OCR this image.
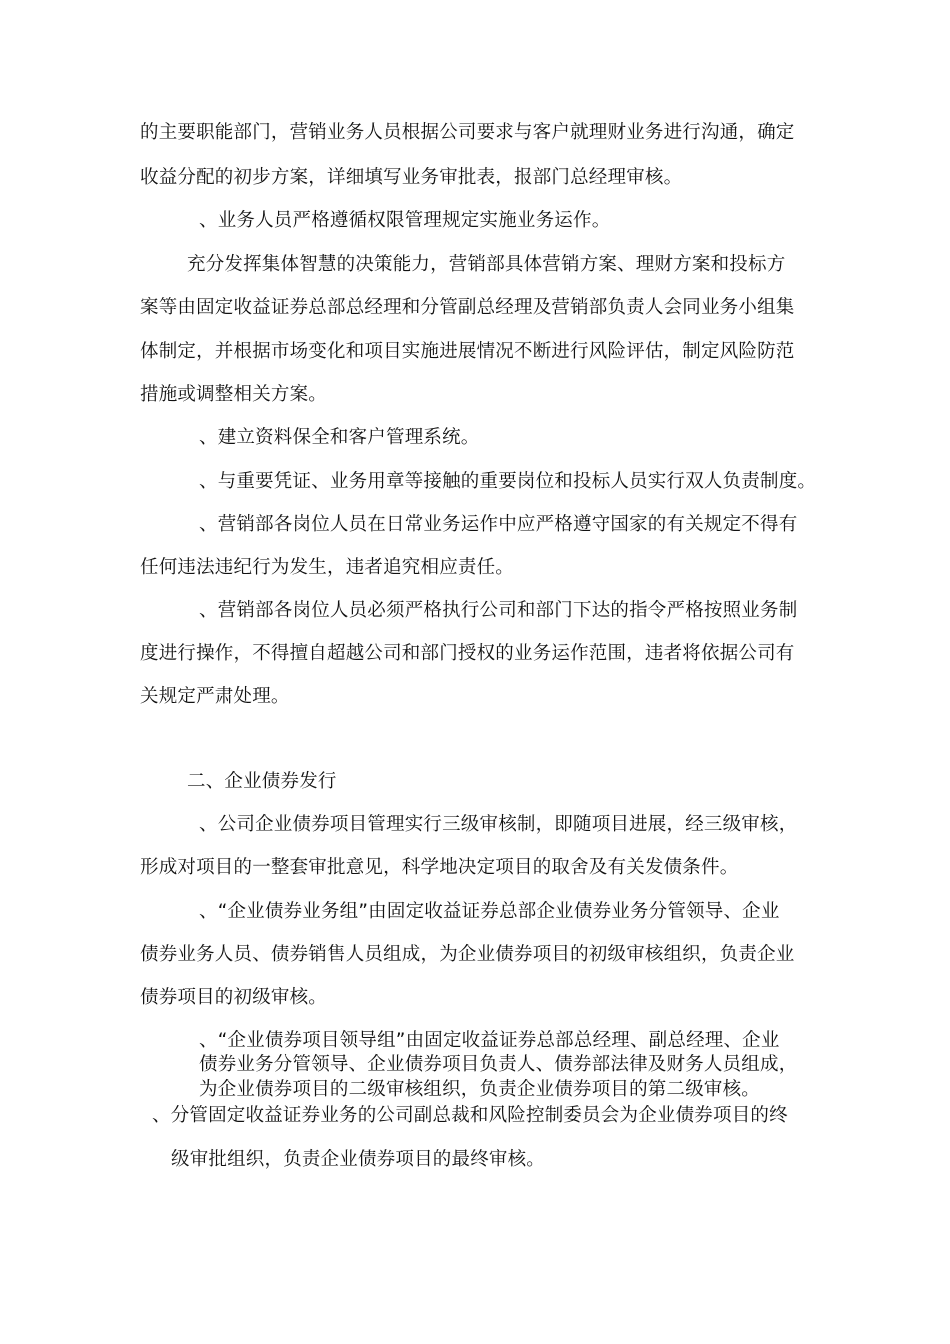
的主要职能部门，营销业务人员根据公司要求与客户就理财业务进行沟通，确定
收益分配的初步方案，详细填写业务审批表，报部门总经理审核。
、业务人员严格遵循权限管理规定实施业务运作。
充分发挥集体智慧的决策能力，营销部具体营销方案、理财方案和投标方
案等由固定收益证券总部总经理和分管副总经理及营销部负责人会同业务小组集
体制定，并根据市场变化和项目实施进展情况不断进行风险评估，制定风险防范
措施或调整相关方案。
、建立资料保全和客户管理系统。
、与重要凭证、业务用章等接触的重要岗位和投标人员实行双人负责制度。
、营销部各岗位人员在日常业务运作中应严格遵守国家的有关规定不得有
任何违法违纪行为发生，违者追究相应责任。
、营销部各岗位人员必须严格执行公司和部门下达的指令严格按照业务制
度进行操作，不得擅自超越公司和部门授权的业务运作范围，违者将依据公司有
关规定严肃处理。
二、企业债券发行
、公司企业债券项目管理实行三级审核制，即随项目进展，经三级审核，
形成对项目的一整套审批意见，科学地决定项目的取舍及有关发债条件。
、“企业债券业务组”由固定收益证券总部企业债券业务分管领导、企业
债券业务人员、债券销售人员组成，为企业债券项目的初级审核组织，负责企业
债券项目的初级审核。
、“企业债券项目领导组”由固定收益证券总部总经理、副总经理、企业
债券业务分管领导、企业债券项目负责人、债券部法律及财务人员组成，
为企业债券项目的二级审核组织，负责企业债券项目的第二级审核。
、分管固定收益证券业务的公司副总裁和风险控制委员会为企业债券项目的终
级审批组织，负责企业债券项目的最终审核。
